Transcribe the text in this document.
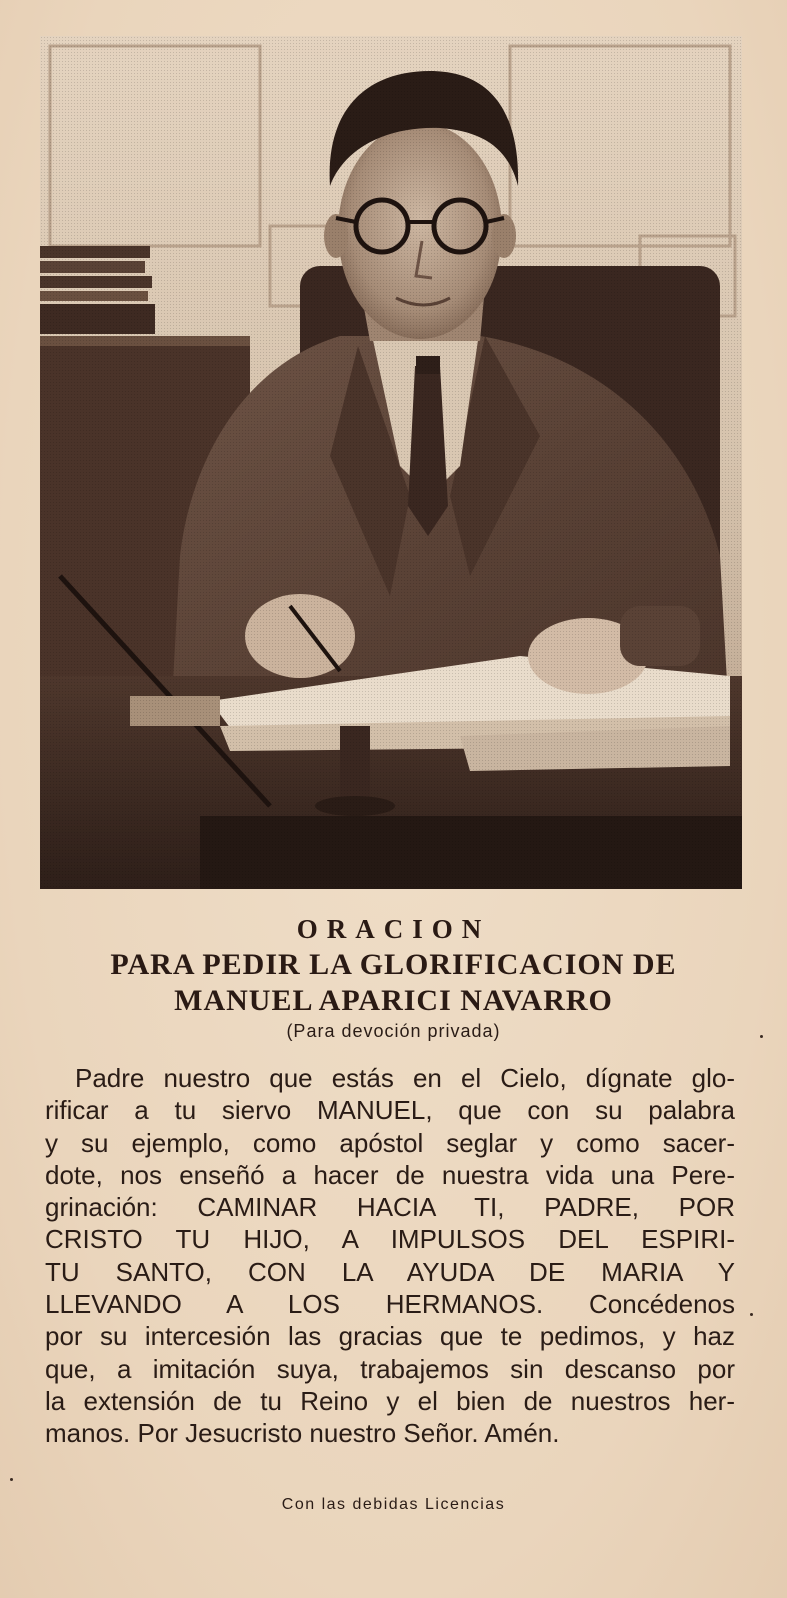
ORACION
PARA PEDIR LA GLORIFICACION DE
MANUEL APARICI NAVARRO
(Para devoción privada)
Padre nuestro que estás en el Cielo, dígnate glo-
rificar a tu siervo MANUEL, que con su palabra
y su ejemplo, como apóstol seglar y como sacer-
dote, nos enseñó a hacer de nuestra vida una Pere-
grinación: CAMINAR HACIA TI, PADRE, POR
CRISTO TU HIJO, A IMPULSOS DEL ESPIRI-
TU SANTO, CON LA AYUDA DE MARIA Y
LLEVANDO A LOS HERMANOS. Concédenos
por su intercesión las gracias que te pedimos, y haz
que, a imitación suya, trabajemos sin descanso por
la extensión de tu Reino y el bien de nuestros her-
manos. Por Jesucristo nuestro Señor. Amén.
Con las debidas Licencias
